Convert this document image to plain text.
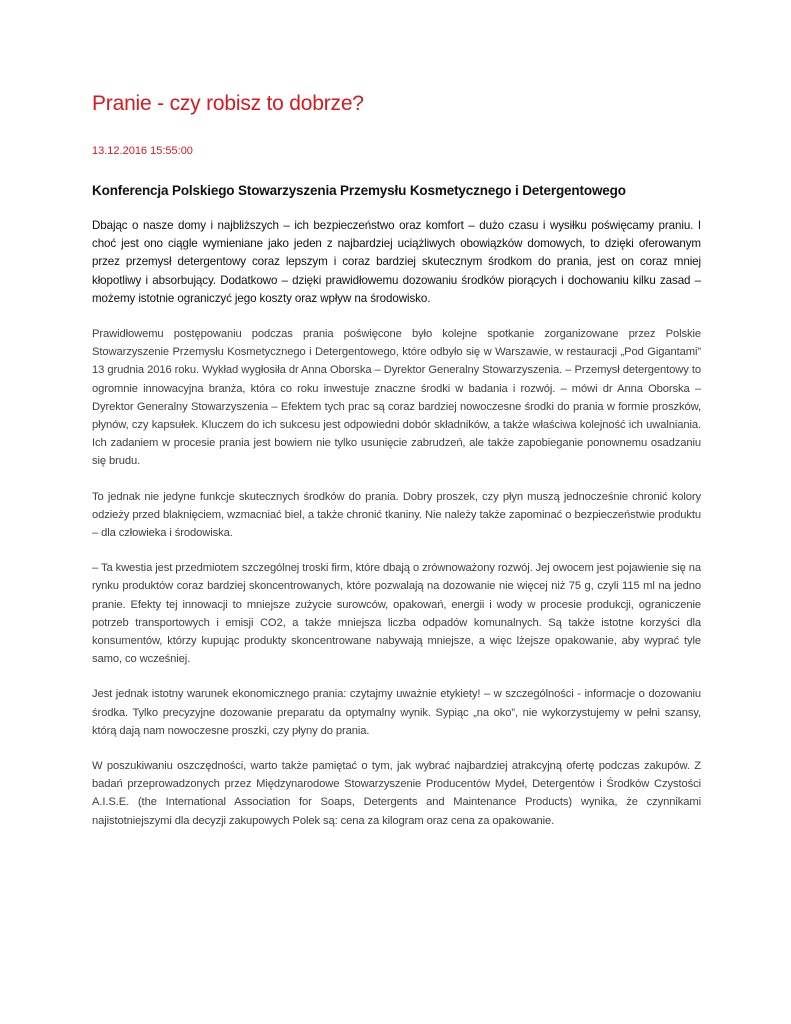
Pranie - czy robisz to dobrze?

13.12.2016 15:55:00

Konferencja Polskiego Stowarzyszenia Przemysłu Kosmetycznego i Detergentowego

Dbając o nasze domy i najbliższych – ich bezpieczeństwo oraz komfort – dużo czasu i wysiłku poświęcamy praniu. I choć jest ono ciągle wymieniane jako jeden z najbardziej uciążliwych obowiązków domowych, to dzięki oferowanym przez przemysł detergentowy coraz lepszym i coraz bardziej skutecznym środkom do prania, jest on coraz mniej kłopotliwy i absorbujący. Dodatkowo – dzięki prawidłowemu dozowaniu środków piorących i dochowaniu kilku zasad – możemy istotnie ograniczyć jego koszty oraz wpływ na środowisko.

Prawidłowemu postępowaniu podczas prania poświęcone było kolejne spotkanie zorganizowane przez Polskie Stowarzyszenie Przemysłu Kosmetycznego i Detergentowego, które odbyło się w Warszawie, w restauracji „Pod Gigantami” 13 grudnia 2016 roku. Wykład wygłosiła dr Anna Oborska – Dyrektor Generalny Stowarzyszenia. – Przemysł detergentowy to ogromnie innowacyjna branża, która co roku inwestuje znaczne środki w badania i rozwój. – mówi dr Anna Oborska – Dyrektor Generalny Stowarzyszenia – Efektem tych prac są coraz bardziej nowoczesne środki do prania w formie proszków, płynów, czy kapsułek. Kluczem do ich sukcesu jest odpowiedni dobór składników, a także właściwa kolejność ich uwalniania. Ich zadaniem w procesie prania jest bowiem nie tylko usunięcie zabrudzeń, ale także zapobieganie ponownemu osadzaniu się brudu.

To jednak nie jedyne funkcje skutecznych środków do prania. Dobry proszek, czy płyn muszą jednocześnie chronić kolory odzieży przed blaknięciem, wzmacniać biel, a także chronić tkaniny. Nie należy także zapominać o bezpieczeństwie produktu – dla człowieka i środowiska.

– Ta kwestia jest przedmiotem szczególnej troski firm, które dbają o zrównoważony rozwój. Jej owocem jest pojawienie się na rynku produktów coraz bardziej skoncentrowanych, które pozwalają na dozowanie nie więcej niż 75 g, czyli 115 ml na jedno pranie. Efekty tej innowacji to mniejsze zużycie surowców, opakowań, energii i wody w procesie produkcji, ograniczenie potrzeb transportowych i emisji CO2, a także mniejsza liczba odpadów komunalnych. Są także istotne korzyści dla konsumentów, którzy kupując produkty skoncentrowane nabywają mniejsze, a więc lżejsze opakowanie, aby wyprać tyle samo, co wcześniej.

Jest jednak istotny warunek ekonomicznego prania: czytajmy uważnie etykiety! – w szczególności - informacje o dozowaniu środka. Tylko precyzyjne dozowanie preparatu da optymalny wynik. Sypiąc „na oko”, nie wykorzystujemy w pełni szansy, którą dają nam nowoczesne proszki, czy płyny do prania.

W poszukiwaniu oszczędności, warto także pamiętać o tym, jak wybrać najbardziej atrakcyjną ofertę podczas zakupów. Z badań przeprowadzonych przez Międzynarodowe Stowarzyszenie Producentów Mydeł, Detergentów i Środków Czystości A.I.S.E. (the International Association for Soaps, Detergents and Maintenance Products) wynika, że czynnikami najistotniejszymi dla decyzji zakupowych Polek są: cena za kilogram oraz cena za opakowanie.
